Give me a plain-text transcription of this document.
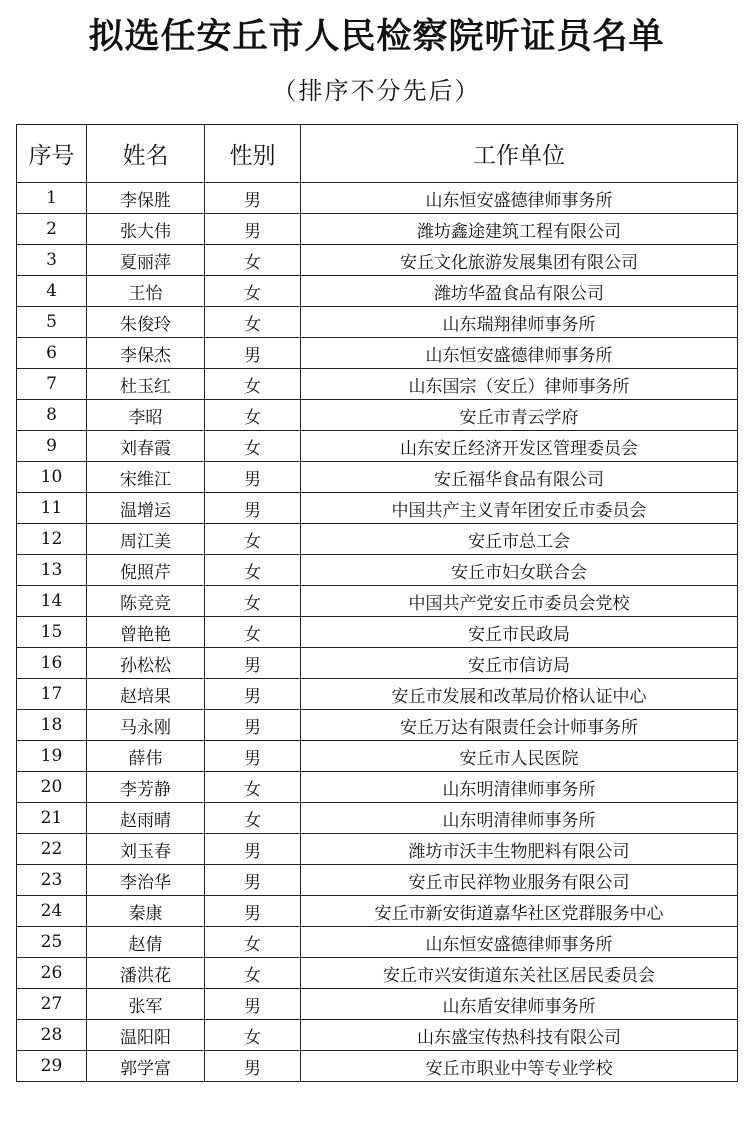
拟选任安丘市人民检察院听证员名单
（排序不分先后）
序号	姓名	性别	工作单位
1	李保胜	男	山东恒安盛德律师事务所
2	张大伟	男	潍坊鑫途建筑工程有限公司
3	夏丽萍	女	安丘文化旅游发展集团有限公司
4	王怡	女	潍坊华盈食品有限公司
5	朱俊玲	女	山东瑞翔律师事务所
6	李保杰	男	山东恒安盛德律师事务所
7	杜玉红	女	山东国宗（安丘）律师事务所
8	李昭	女	安丘市青云学府
9	刘春霞	女	山东安丘经济开发区管理委员会
10	宋维江	男	安丘福华食品有限公司
11	温增运	男	中国共产主义青年团安丘市委员会
12	周江美	女	安丘市总工会
13	倪照芹	女	安丘市妇女联合会
14	陈竞竞	女	中国共产党安丘市委员会党校
15	曾艳艳	女	安丘市民政局
16	孙松松	男	安丘市信访局
17	赵培果	男	安丘市发展和改革局价格认证中心
18	马永刚	男	安丘万达有限责任会计师事务所
19	薛伟	男	安丘市人民医院
20	李芳静	女	山东明清律师事务所
21	赵雨晴	女	山东明清律师事务所
22	刘玉春	男	潍坊市沃丰生物肥料有限公司
23	李治华	男	安丘市民祥物业服务有限公司
24	秦康	男	安丘市新安街道嘉华社区党群服务中心
25	赵倩	女	山东恒安盛德律师事务所
26	潘洪花	女	安丘市兴安街道东关社区居民委员会
27	张军	男	山东盾安律师事务所
28	温阳阳	女	山东盛宝传热科技有限公司
29	郭学富	男	安丘市职业中等专业学校
